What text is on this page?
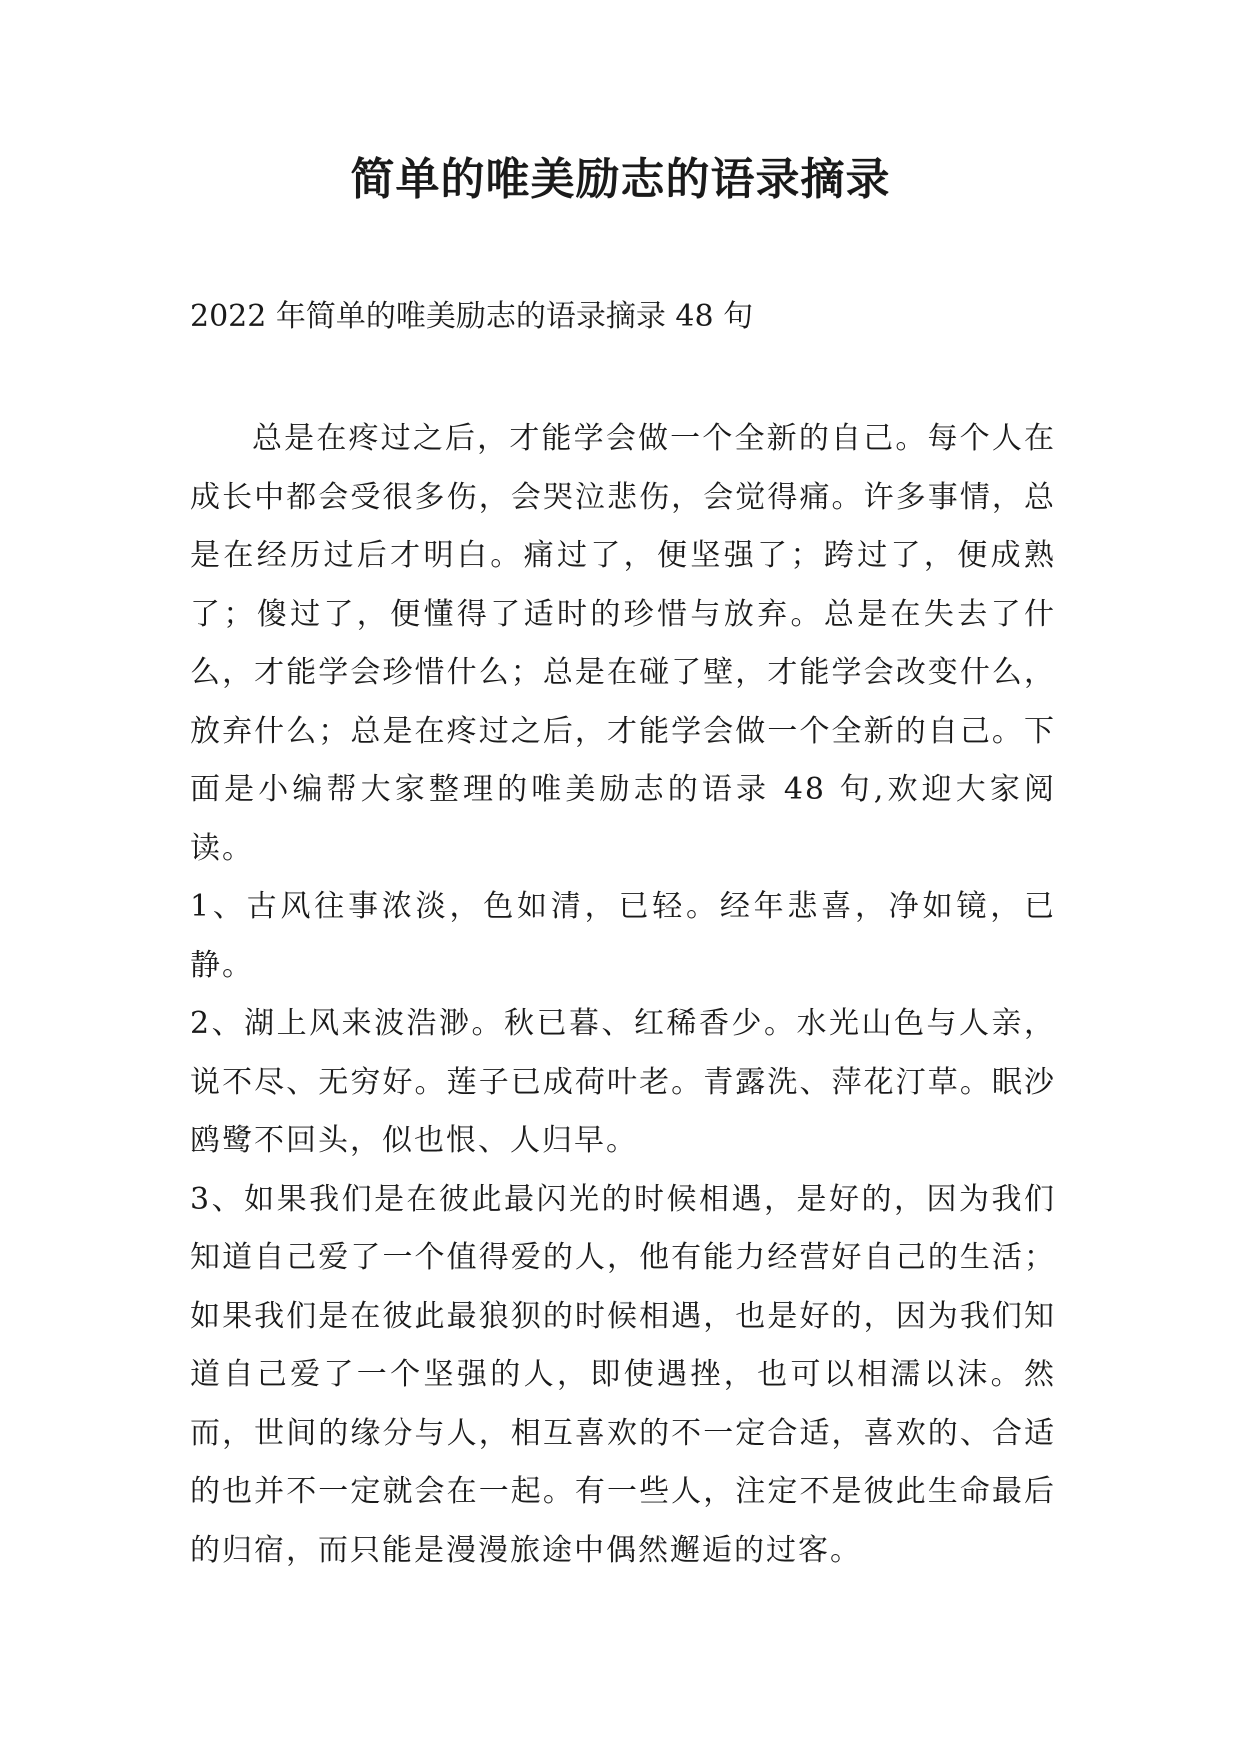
简单的唯美励志的语录摘录

2022 年简单的唯美励志的语录摘录 48 句

总是在疼过之后，才能学会做一个全新的自己。每个人在成长中都会受很多伤，会哭泣悲伤，会觉得痛。许多事情，总是在经历过后才明白。痛过了，便坚强了；跨过了，便成熟了；傻过了，便懂得了适时的珍惜与放弃。总是在失去了什么，才能学会珍惜什么；总是在碰了壁，才能学会改变什么，放弃什么；总是在疼过之后，才能学会做一个全新的自己。下面是小编帮大家整理的唯美励志的语录 48 句,欢迎大家阅读。

1、古风往事浓淡，色如清，已轻。经年悲喜，净如镜，已静。

2、湖上风来波浩渺。秋已暮、红稀香少。水光山色与人亲，说不尽、无穷好。莲子已成荷叶老。青露洗、萍花汀草。眠沙鸥鹭不回头，似也恨、人归早。

3、如果我们是在彼此最闪光的时候相遇，是好的，因为我们知道自己爱了一个值得爱的人，他有能力经营好自己的生活；如果我们是在彼此最狼狈的时候相遇，也是好的，因为我们知道自己爱了一个坚强的人，即使遇挫，也可以相濡以沫。然而，世间的缘分与人，相互喜欢的不一定合适，喜欢的、合适的也并不一定就会在一起。有一些人，注定不是彼此生命最后的归宿，而只能是漫漫旅途中偶然邂逅的过客。
